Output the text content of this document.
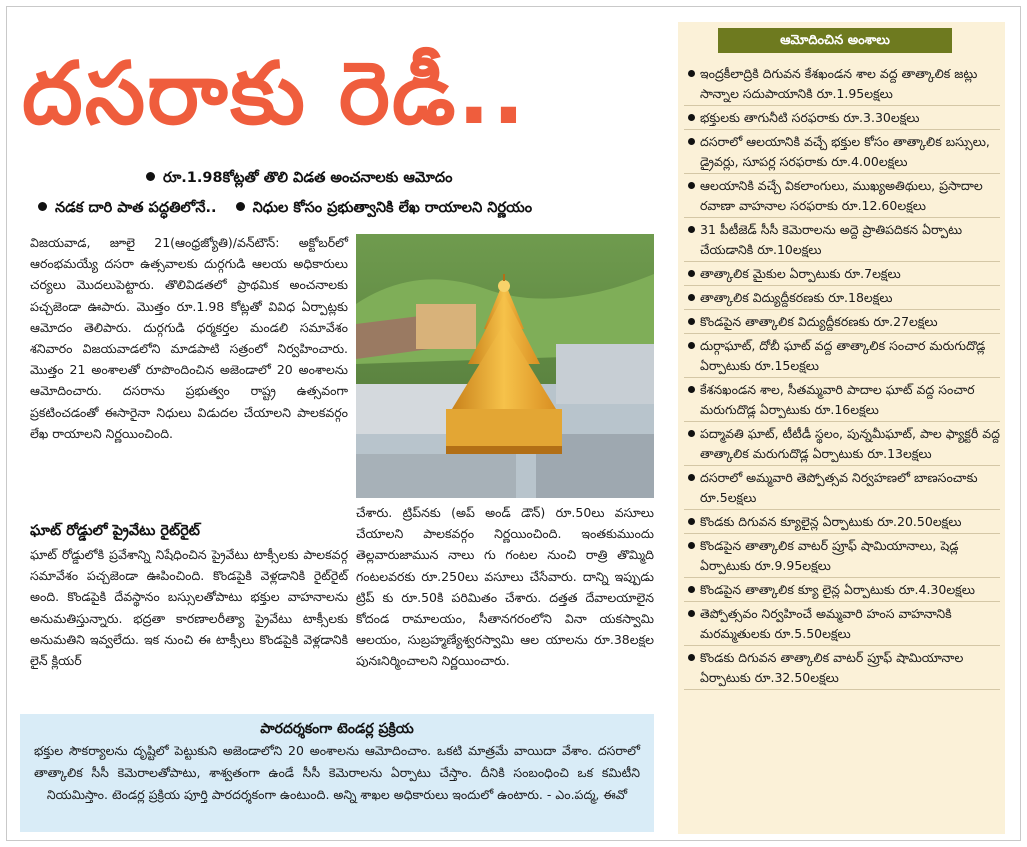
దసరాకు రెడీ..
రూ.1.98కోట్లతో తొలి విడత అంచనాలకు ఆమోదం
నడక దారి పాత పద్ధతిలోనే.. నిధుల కోసం ప్రభుత్వానికి లేఖ రాయాలని నిర్ణయం
విజయవాడ, జూలై 21(ఆంధ్రజ్యోతి)/వన్‌టౌన్: అక్టోబర్‌లో ఆరంభమయ్యే దసరా ఉత్సవాలకు దుర్గగుడి ఆలయ అధికారులు చర్యలు మొదలుపెట్టారు. తొలివిడతలో ప్రాథమిక అంచనాలకు పచ్చజెండా ఊపారు. మొత్తం రూ.1.98 కోట్లతో వివిధ ఏర్పాట్లకు ఆమోదం తెలిపారు. దుర్గగుడి ధర్మకర్తల మండలి సమావేశం శనివారం విజయవాడలోని మాడపాటి సత్రంలో నిర్వహించారు. మొత్తం 21 అంశాలతో రూపొందించిన అజెండాలో 20 అంశాలను ఆమోదించారు. దసరాను ప్రభుత్వం రాష్ట్ర ఉత్సవంగా ప్రకటించడంతో ఈసారైనా నిధులు విడుదల చేయాలని పాలకవర్గం లేఖ రాయాలని నిర్ణయించింది.
ఘాట్ రోడ్డులో ప్రైవేటు రైట్‌రైట్
ఘాట్ రోడ్డులోకి ప్రవేశాన్ని నిషేధించిన ప్రైవేటు టాక్సీలకు పాలకవర్గ సమావేశం పచ్చజెండా ఊపించింది. కొండపైకి వెళ్లడానికి రైట్‌రైట్ అంది. కొండపైకి దేవస్థానం బస్సులతోపాటు భక్తుల వాహనాలను అనుమతిస్తున్నారు. భద్రతా కారణాలరీత్యా ప్రైవేటు టాక్సీలకు అనుమతిని ఇవ్వలేదు. ఇక నుంచి ఈ టాక్సీలు కొండపైకి వెళ్లడానికి లైన్ క్లియర్
చేశారు. ట్రిప్‌నకు (అప్ అండ్ డౌన్) రూ.50లు వసూలు చేయాలని పాలకవర్గం నిర్ణయించింది. ఇంతకుముందు తెల్లవారుజామున నాలు గు గంటల నుంచి రాత్రి తొమ్మిది గంటలవరకు రూ.250లు వసూలు చేసేవారు. దాన్ని ఇప్పుడు ట్రిప్ కు రూ.50కి పరిమితం చేశారు. దత్తత దేవాలయాలైన కోదండ రామాలయం, సీతానగరంలోని వినా యకస్వామి ఆలయం, సుబ్రహ్మణ్యేశ్వరస్వామి ఆల యాలను రూ.38లక్షల పునఃనిర్మించాలని నిర్ణయించారు.
పారదర్శకంగా టెండర్ల ప్రక్రియ
భక్తుల సౌకర్యాలను దృష్టిలో పెట్టుకుని అజెండాలోని 20 అంశాలను ఆమోదించాం. ఒకటి మాత్రమే వాయిదా వేశాం. దసరాలో తాత్కాలిక సీసీ కెమెరాలతోపాటు, శాశ్వతంగా ఉండే సీసీ కెమెరాలను ఏర్పాటు చేస్తాం. దీనికి సంబంధించి ఒక కమిటీని నియమిస్తాం. టెండర్ల ప్రక్రియ పూర్తి పారదర్శకంగా ఉంటుంది. అన్ని శాఖల అధికారులు ఇందులో ఉంటారు. - ఎం.పద్మ, ఈవో
ఆమోదించిన అంశాలు
ఇంద్రకీలాద్రికి దిగువన కేశఖండన శాల వద్ద తాత్కాలిక జట్లు సాన్నాల సదుపాయానికి రూ.1.95లక్షలు
భక్తులకు తాగునీటి సరఫరాకు రూ.3.30లక్షలు
దసరాలో ఆలయానికి వచ్చే భక్తుల కోసం తాత్కాలిక బస్సులు, డ్రైవర్లు, సూపర్ల సరఫరాకు రూ.4.00లక్షలు
ఆలయానికి వచ్చే వికలాంగులు, ముఖ్యఅతిథులు, ప్రసాదాల రవాణా వాహనాల సరఫరాకు రూ.12.60లక్షలు
31 పీటీజెడ్ సీసీ కెమెరాలను అద్దె ప్రాతిపదికన ఏర్పాటు చేయడానికి రూ.10లక్షలు
తాత్కాలిక మైకుల ఏర్పాటుకు రూ.7లక్షలు
తాత్కాలిక విద్యుద్దీకరణకు రూ.18లక్షలు
కొండపైన తాత్కాలిక విద్యుద్దీకరణకు రూ.27లక్షలు
దుర్గాఘాట్, దోబీ ఘాట్ వద్ద తాత్కాలిక సంచార మరుగుదొడ్ల ఏర్పాటుకు రూ.15లక్షలు
కేశనఖండన శాల, సీతమ్మవారి పాదాల ఘాట్ వద్ద సంచార మరుగుదొడ్ల ఏర్పాటుకు రూ.16లక్షలు
పద్మావతి ఘాట్, టీటీడీ స్థలం, పున్నమీఘాట్, పాల ఫ్యాక్టరీ వద్ద తాత్కాలిక మరుగుదొడ్ల ఏర్పాటుకు రూ.13లక్షలు
దసరాలో అమ్మవారి తెప్పోత్సవ నిర్వహణలో బాణసంచాకు రూ.5లక్షలు
కొండకు దిగువన క్యూలైన్ల ఏర్పాటుకు రూ.20.50లక్షలు
కొండపైన తాత్కాలిక వాటర్ ప్రూఫ్ షామియానాలు, షెడ్ల ఏర్పాటుకు రూ.9.95లక్షలు
కొండపైన తాత్కాలిక క్యూ లైన్ల ఏర్పాటుకు రూ.4.30లక్షలు
తెప్పోత్సవం నిర్వహించే అమ్మవారి హంస వాహనానికి మరమ్మతులకు రూ.5.50లక్షలు
కొండకు దిగువన తాత్కాలిక వాటర్ ప్రూఫ్ షామియానాల ఏర్పాటుకు రూ.32.50లక్షలు
